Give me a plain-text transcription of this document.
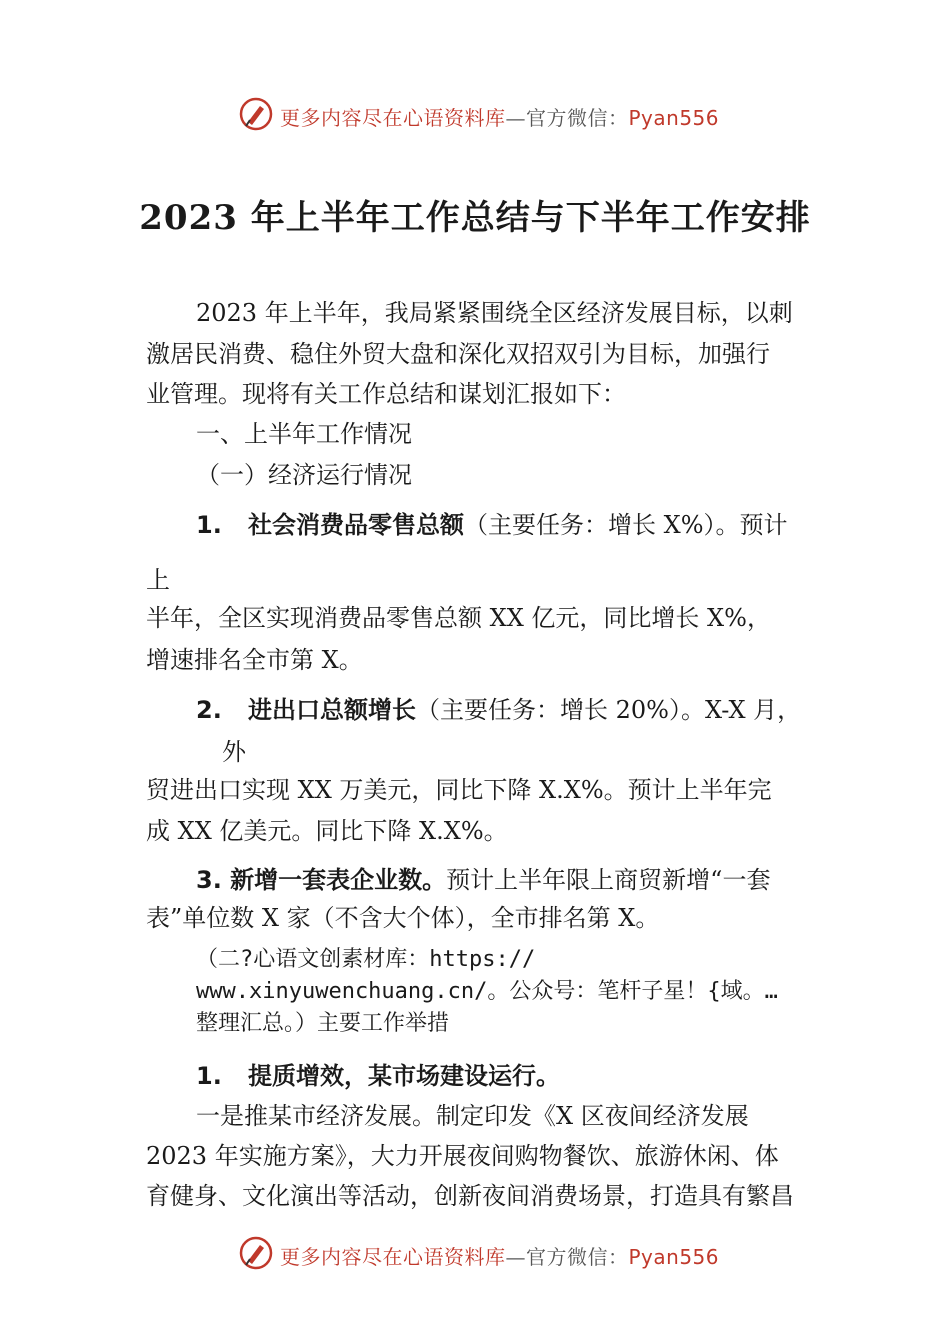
更多内容尽在心语资料库—官方微信：Pyan556
2023 年上半年工作总结与下半年工作安排
2023 年上半年，我局紧紧围绕全区经济发展目标，以刺
激居民消费、稳住外贸大盘和深化双招双引为目标，加强行
业管理。现将有关工作总结和谋划汇报如下：
一、上半年工作情况
（一）经济运行情况
1. 社会消费品零售总额（主要任务：增长 X%）。预计
上
半年，全区实现消费品零售总额 XX 亿元，同比增长 X%，
增速排名全市第 X。
2. 进出口总额增长（主要任务：增长 20%）。X-X 月，
外
贸进出口实现 XX 万美元，同比下降 X.X%。预计上半年完
成 XX 亿美元。同比下降 X.X%。
3. 新增一套表企业数。预计上半年限上商贸新增“一套
表”单位数 X 家（不含大个体），全市排名第 X。
（二?心语文创素材库：https://
www.xinyuwenchuang.cn/。公众号：笔杆子星！{域。…
整理汇总。）主要工作举措
1. 提质增效，某市场建设运行。
一是推某市经济发展。制定印发《X 区夜间经济发展
2023 年实施方案》，大力开展夜间购物餐饮、旅游休闲、体
育健身、文化演出等活动，创新夜间消费场景，打造具有繁昌
更多内容尽在心语资料库—官方微信：Pyan556
